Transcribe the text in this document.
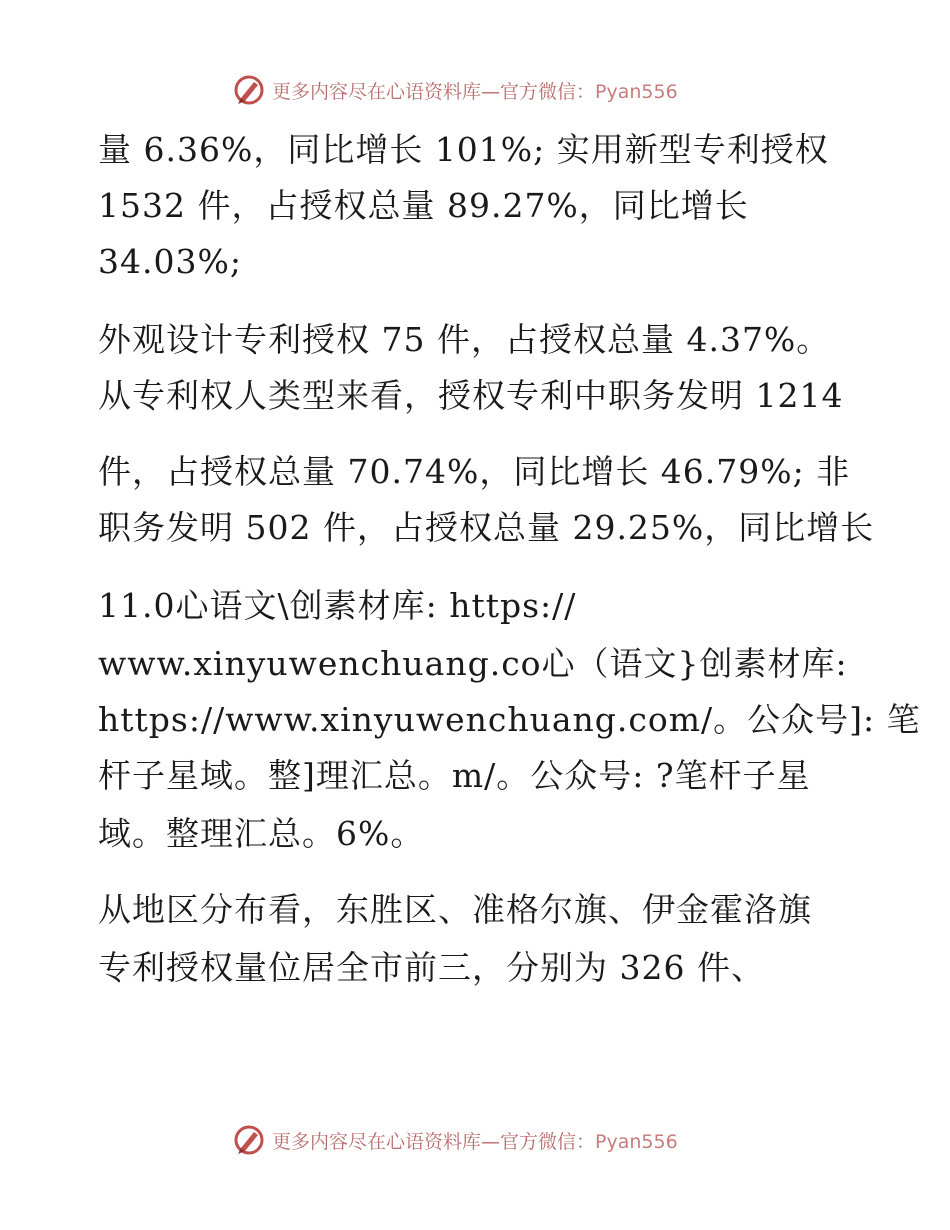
更多内容尽在心语资料库—官方微信：Pyan556
量 6.36%，同比增长 101%; 实用新型专利授权
1532 件，占授权总量 89.27%，同比增长
34.03%;
外观设计专利授权 75 件，占授权总量 4.37%。
从专利权人类型来看，授权专利中职务发明 1214
件，占授权总量 70.74%，同比增长 46.79%; 非
职务发明 502 件，占授权总量 29.25%，同比增长
11.0心语文\创素材库: https://
www.xinyuwenchuang.co心（语文}创素材库:
https://www.xinyuwenchuang.com/。公众号]: 笔
杆子星域。整]理汇总。m/。公众号: ?笔杆子星
域。整理汇总。6%。
从地区分布看，东胜区、准格尔旗、伊金霍洛旗
专利授权量位居全市前三，分别为 326 件、
更多内容尽在心语资料库—官方微信：Pyan556
